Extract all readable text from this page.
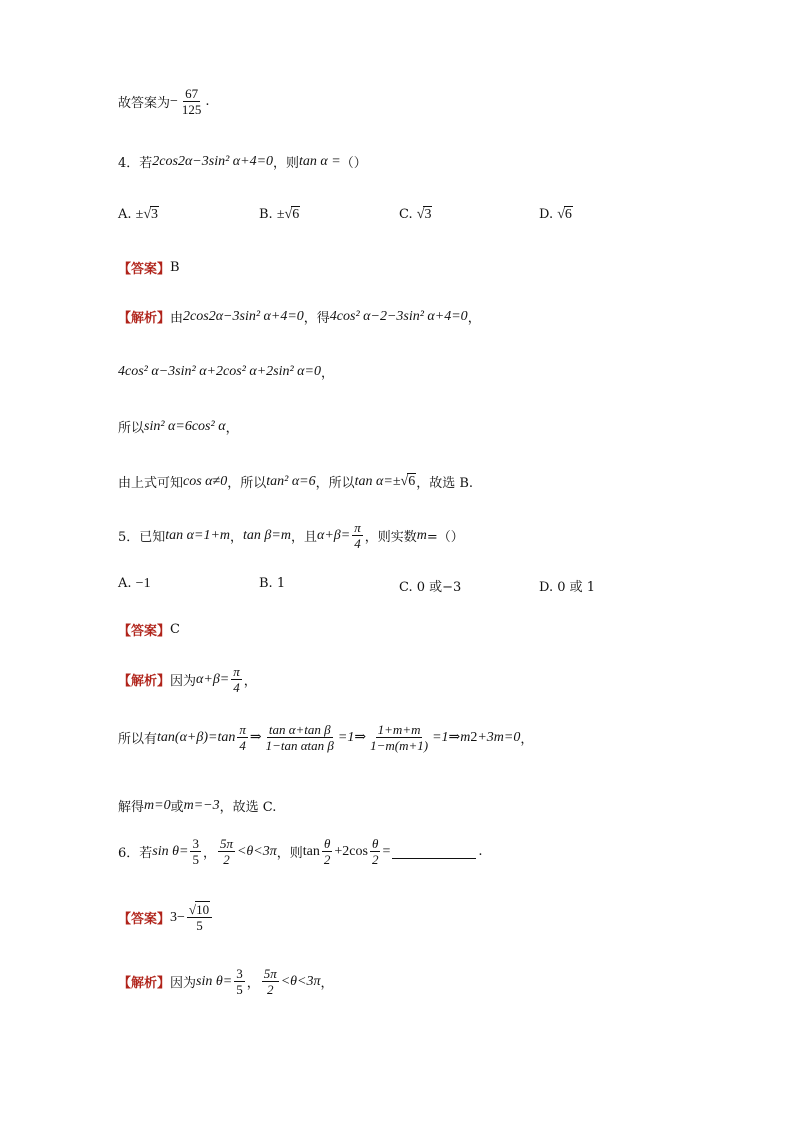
故答案为 − $\frac{67}{125}$ .
4．若 2cos2α−3sin² α+4=0 ，则 tan α = （）
A. ±√3	B. ±√6	C. √3	D. √6
【答案】 B
【解析】 由 2cos2α−3sin² α+4=0 ，得 4cos² α−2−3sin² α+4=0 ，
4cos² α−3sin² α+2cos² α+2sin² α=0 ，
所以 sin² α=6cos² α ，
由上式可知 cos α≠0 ，所以 tan² α=6 ，所以 tan α=± √ 6 ，故选 B.
5．已知 tan α=1+m ， tan β=m ，且 $\alpha+\beta= \frac{\pi}{4}$ ，则实数 m =（）
A. −1	B. 1	C. 0 或−3	D. 0 或 1
【答案】 C
【解析】 因为 $\alpha+\beta= \frac{\pi}{4}$ ，
所以有 $\tan(\alpha+\beta)=\tan \frac{\pi}{4}$ ⇒ $\frac{\text{tan α+tan β}}{\text{1−tan αtan β}}$ =1⇒ $\frac{1+m+m}{1-m(m+1)}$ =1⇒m 2 +3m=0 ，
解得 m=0 或 m=−3 ，故选 C.
6．若 $\sin \theta= \frac{3}{5}$ ， $\frac{5\pi}{2} <\theta<3\pi$ ，则 $\tan \frac{\theta}{2} +2\cos \frac{\theta}{2}$ =	.
【答案】 $3- \frac{√10}{5}$
【解析】 因为 $\sin \theta= \frac{3}{5}$ ， $\frac{5\pi}{2} <\theta<3\pi$ ，
